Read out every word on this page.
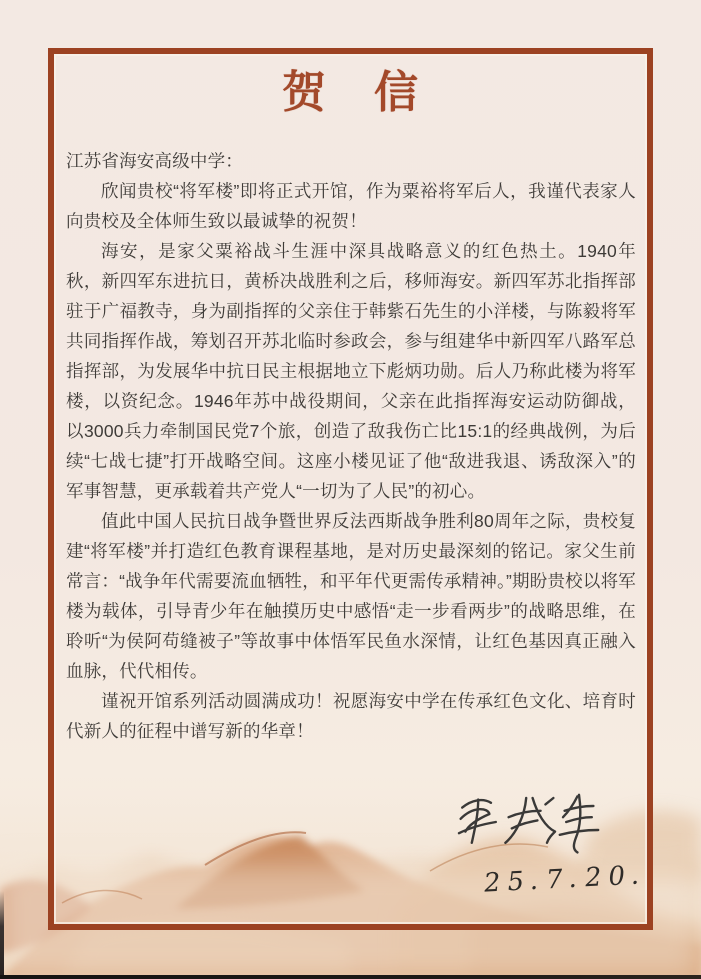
贺　信

江苏省海安高级中学：

欣闻贵校“将军楼”即将正式开馆，作为粟裕将军后人，我谨代表家人向贵校及全体师生致以最诚挚的祝贺！

海安，是家父粟裕战斗生涯中深具战略意义的红色热土。1940年秋，新四军东进抗日，黄桥决战胜利之后，移师海安。新四军苏北指挥部驻于广福教寺，身为副指挥的父亲住于韩紫石先生的小洋楼，与陈毅将军共同指挥作战，筹划召开苏北临时参政会，参与组建华中新四军八路军总指挥部，为发展华中抗日民主根据地立下彪炳功勋。后人乃称此楼为将军楼，以资纪念。1946年苏中战役期间，父亲在此指挥海安运动防御战，以3000兵力牵制国民党7个旅，创造了敌我伤亡比15:1的经典战例，为后续“七战七捷”打开战略空间。这座小楼见证了他“敌进我退、诱敌深入”的军事智慧，更承载着共产党人“一切为了人民”的初心。

值此中国人民抗日战争暨世界反法西斯战争胜利80周年之际，贵校复建“将军楼”并打造红色教育课程基地，是对历史最深刻的铭记。家父生前常言：“战争年代需要流血牺牲，和平年代更需传承精神。”期盼贵校以将军楼为载体，引导青少年在触摸历史中感悟“走一步看两步”的战略思维，在聆听“为侯阿苟缝被子”等故事中体悟军民鱼水深情，让红色基因真正融入血脉，代代相传。

谨祝开馆系列活动圆满成功！祝愿海安中学在传承红色文化、培育时代新人的征程中谱写新的华章！

25.7.20.
